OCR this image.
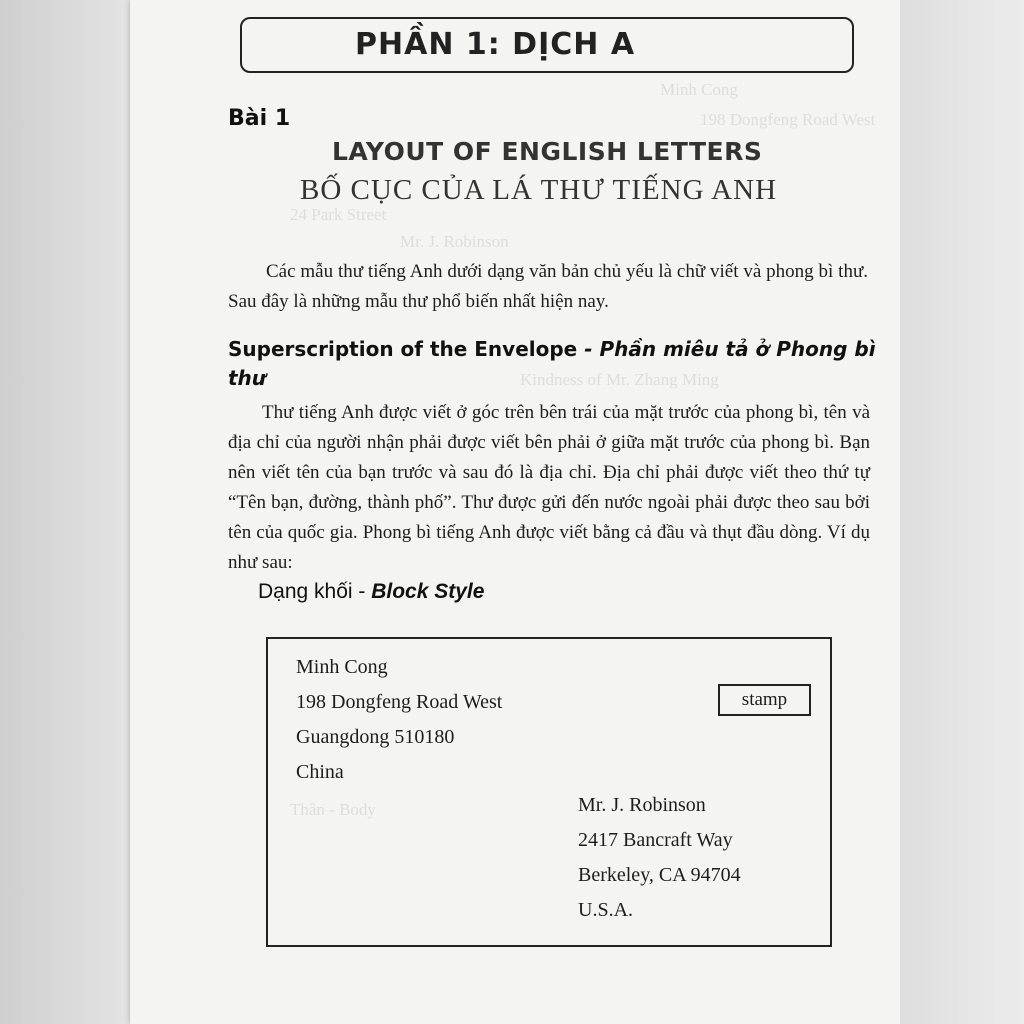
Minh Cong
198 Dongfeng Road West
24 Park Street
Mr. J. Robinson
Kindness of Mr. Zhang Ming
Thân - Body
PHẦN 1: DỊCH A
Bài 1
LAYOUT OF ENGLISH LETTERS
BỐ CỤC CỦA LÁ THƯ TIẾNG ANH
Các mẫu thư tiếng Anh dưới dạng văn bản chủ yếu là chữ viết và phong bì thư. Sau đây là những mẫu thư phổ biến nhất hiện nay.
Superscription of the Envelope - Phần miêu tả ở Phong bì thư
Thư tiếng Anh được viết ở góc trên bên trái của mặt trước của phong bì, tên và địa chỉ của người nhận phải được viết bên phải ở giữa mặt trước của phong bì. Bạn nên viết tên của bạn trước và sau đó là địa chỉ. Địa chỉ phải được viết theo thứ tự “Tên bạn, đường, thành phố”. Thư được gửi đến nước ngoài phải được theo sau bởi tên của quốc gia. Phong bì tiếng Anh được viết bằng cả đầu và thụt đầu dòng. Ví dụ như sau:
Dạng khối - Block Style
Minh Cong
198 Dongfeng Road West
Guangdong 510180
China
stamp
Mr. J. Robinson
2417 Bancraft Way
Berkeley, CA 94704
U.S.A.
